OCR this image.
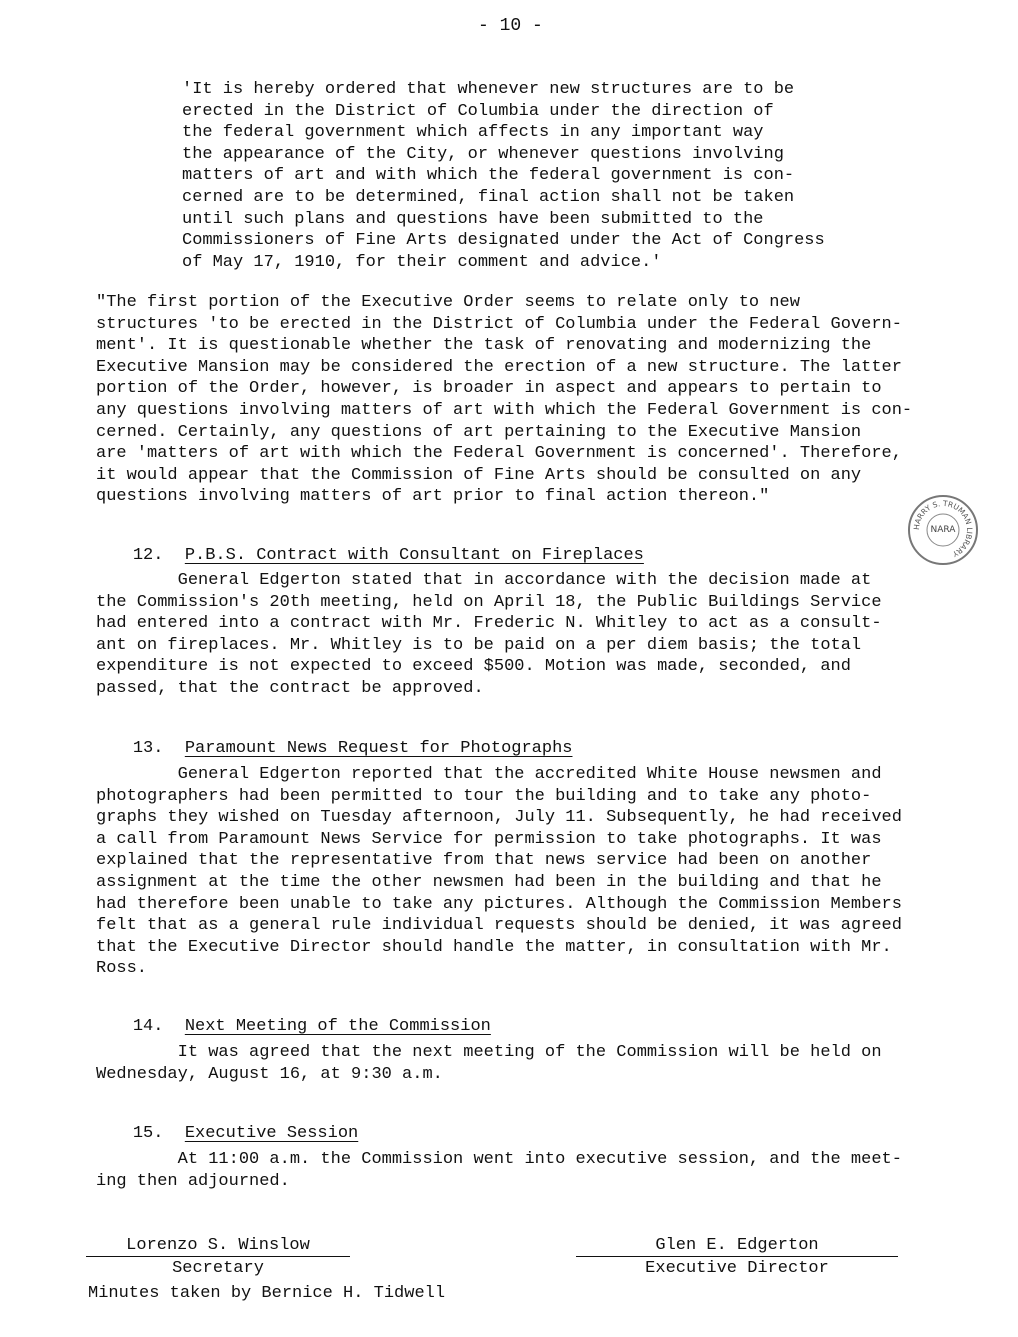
- 10 -
'It is hereby ordered that whenever new structures are to be
erected in the District of Columbia under the direction of
the federal government which affects in any important way
the appearance of the City, or whenever questions involving
matters of art and with which the federal government is con-
cerned are to be determined, final action shall not be taken
until such plans and questions have been submitted to the
Commissioners of Fine Arts designated under the Act of Congress
of May 17, 1910, for their comment and advice.'
"The first portion of the Executive Order seems to relate only to new
structures 'to be erected in the District of Columbia under the Federal Govern-
ment'. It is questionable whether the task of renovating and modernizing the
Executive Mansion may be considered the erection of a new structure. The latter
portion of the Order, however, is broader in aspect and appears to pertain to
any questions involving matters of art with which the Federal Government is con-
cerned. Certainly, any questions of art pertaining to the Executive Mansion
are 'matters of art with which the Federal Government is concerned'. Therefore,
it would appear that the Commission of Fine Arts should be consulted on any
questions involving matters of art prior to final action thereon."
HARRY S. TRUMAN LIBRARY
NARA

12. P.B.S. Contract with Consultant on Fireplaces

General Edgerton stated that in accordance with the decision made at
the Commission's 20th meeting, held on April 18, the Public Buildings Service
had entered into a contract with Mr. Frederic N. Whitley to act as a consult-
ant on fireplaces. Mr. Whitley is to be paid on a per diem basis; the total
expenditure is not expected to exceed $500. Motion was made, seconded, and
passed, that the contract be approved.

13. Paramount News Request for Photographs

General Edgerton reported that the accredited White House newsmen and
photographers had been permitted to tour the building and to take any photo-
graphs they wished on Tuesday afternoon, July 11. Subsequently, he had received
a call from Paramount News Service for permission to take photographs. It was
explained that the representative from that news service had been on another
assignment at the time the other newsmen had been in the building and that he
had therefore been unable to take any pictures. Although the Commission Members
felt that as a general rule individual requests should be denied, it was agreed
that the Executive Director should handle the matter, in consultation with Mr.
Ross.

14. Next Meeting of the Commission

It was agreed that the next meeting of the Commission will be held on
Wednesday, August 16, at 9:30 a.m.

15. Executive Session

At 11:00 a.m. the Commission went into executive session, and the meet-
ing then adjourned.
Lorenzo S. Winslow
Secretary
Glen E. Edgerton
Executive Director
Minutes taken by Bernice H. Tidwell
